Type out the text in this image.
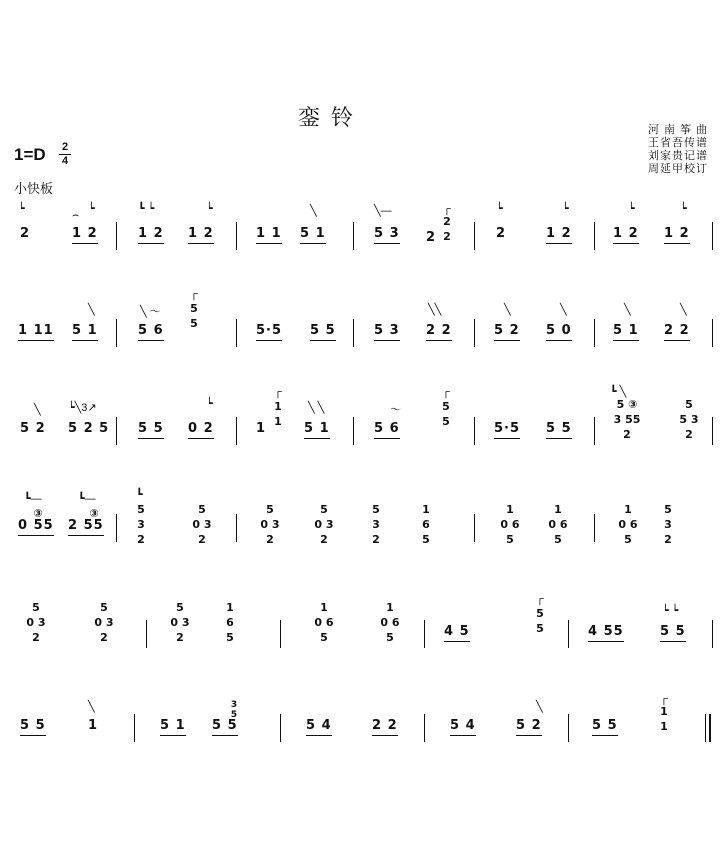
銮 铃
1=D 2
4
小快板
河 南 筝 曲
王省吾传谱
刘家贵记谱
周延甲校订
┕
2
⌢ ┕
1 2
┗ ┕
1 2
┕
1 2	1 1
╲
5 1
╲—
5 3 2
┌
2
2
┕
2
┕
1 2
┕
1 2
┕
1 2
1 11
╲
5 1
╲ ～
5 6
┌
5
5	5·5 5 5	5 3
╲╲
2 2
╲
5 2
╲
5 0
╲
5 1
╲
2 2
╲
5 2
┕╲3↗
5 2 5 5 5
┕
0 2	1
┌
1
1
╲ ╲
5 1
～
5 6
┌
5
5	5·5 5 5
┗ ╲
5 ③
3 55
2
5
5 3
2
┗—
③
0 55
┗—
③
2 55
┗
5
3
2
5
0 3
2
5
0 3
2
5
0 3
2
5
3
2
1
6
5
1
0 6
5
1
0 6
5
1
0 6
5
5
3
2
5
0 3
2
5
0 3
2
5
0 3
2
1
6
5
1
0 6
5
1
0 6
5	4 5
┌
5
5	4 55
┕ ┕
5 5
5 5
╲
1	5 1
3
5
5 5	5 4	2 2	5 4
╲
5 2	5 5
┌
1
1
